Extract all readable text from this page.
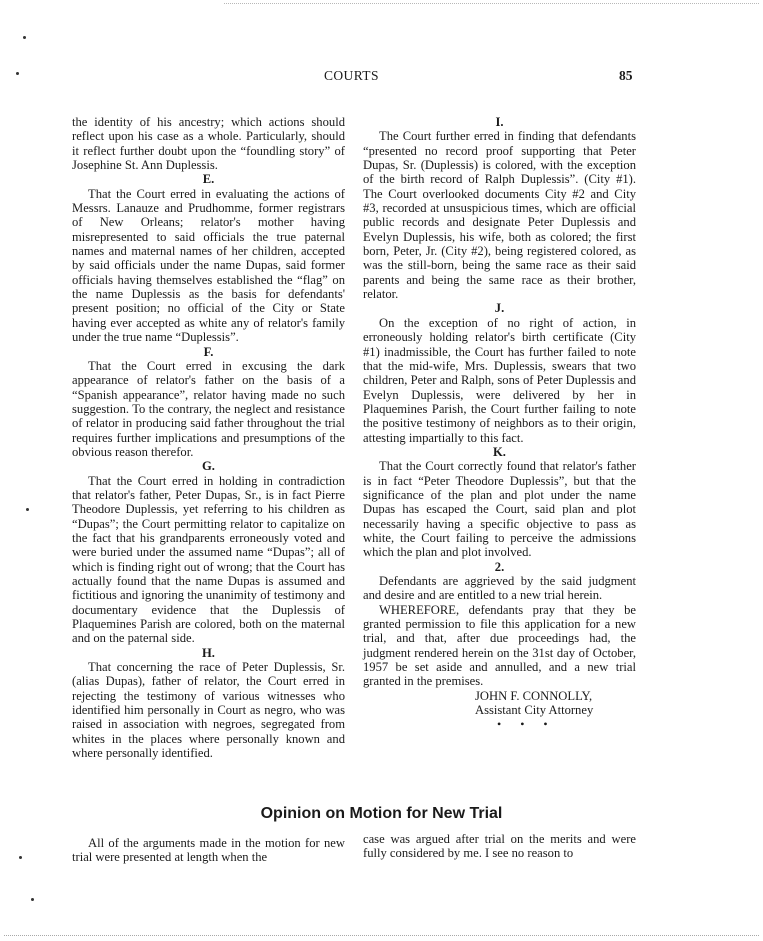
COURTS	85

the identity of his ancestry; which actions should reflect upon his case as a whole. Particularly, should it reflect further doubt upon the “foundling story” of Josephine St. Ann Duplessis.

E.

That the Court erred in evaluating the actions of Messrs. Lanauze and Prudhomme, former registrars of New Orleans; relator's mother having misrepresented to said officials the true paternal names and maternal names of her children, accepted by said officials under the name Dupas, said former officials having themselves established the “flag” on the name Duplessis as the basis for defendants' present position; no official of the City or State having ever accepted as white any of relator's family under the true name “Duplessis”.

F.

That the Court erred in excusing the dark appearance of relator's father on the basis of a “Spanish appearance”, relator having made no such suggestion. To the contrary, the neglect and resistance of relator in producing said father throughout the trial requires further implications and presumptions of the obvious reason therefor.

G.

That the Court erred in holding in contradiction that relator's father, Peter Dupas, Sr., is in fact Pierre Theodore Duplessis, yet referring to his children as “Dupas”; the Court permitting relator to capitalize on the fact that his grandparents erroneously voted and were buried under the assumed name “Dupas”; all of which is finding right out of wrong; that the Court has actually found that the name Dupas is assumed and fictitious and ignoring the unanimity of testimony and documentary evidence that the Duplessis of Plaquemines Parish are colored, both on the maternal and on the paternal side.

H.

That concerning the race of Peter Duplessis, Sr. (alias Dupas), father of relator, the Court erred in rejecting the testimony of various witnesses who identified him personally in Court as negro, who was raised in association with negroes, segregated from whites in the places where personally known and where personally identified.

I.

The Court further erred in finding that defendants “presented no record proof supporting that Peter Dupas, Sr. (Duplessis) is colored, with the exception of the birth record of Ralph Duplessis”. (City #1). The Court overlooked documents City #2 and City #3, recorded at unsuspicious times, which are official public records and designate Peter Duplessis and Evelyn Duplessis, his wife, both as colored; the first born, Peter, Jr. (City #2), being registered colored, as was the still-born, being the same race as their said parents and being the same race as their brother, relator.

J.

On the exception of no right of action, in erroneously holding relator's birth certificate (City #1) inadmissible, the Court has further failed to note that the mid-wife, Mrs. Duplessis, swears that two children, Peter and Ralph, sons of Peter Duplessis and Evelyn Duplessis, were delivered by her in Plaquemines Parish, the Court further failing to note the positive testimony of neighbors as to their origin, attesting impartially to this fact.

K.

That the Court correctly found that relator's father is in fact “Peter Theodore Duplessis”, but that the significance of the plan and plot under the name Dupas has escaped the Court, said plan and plot necessarily having a specific objective to pass as white, the Court failing to perceive the admissions which the plan and plot involved.

2.

Defendants are aggrieved by the said judgment and desire and are entitled to a new trial herein.

WHEREFORE, defendants pray that they be granted permission to file this application for a new trial, and that, after due proceedings had, the judgment rendered herein on the 31st day of October, 1957 be set aside and annulled, and a new trial granted in the premises.

JOHN F. CONNOLLY,

Assistant City Attorney

• • •

Opinion on Motion for New Trial

All of the arguments made in the motion for new trial were presented at length when the

case was argued after trial on the merits and were fully considered by me. I see no reason to
